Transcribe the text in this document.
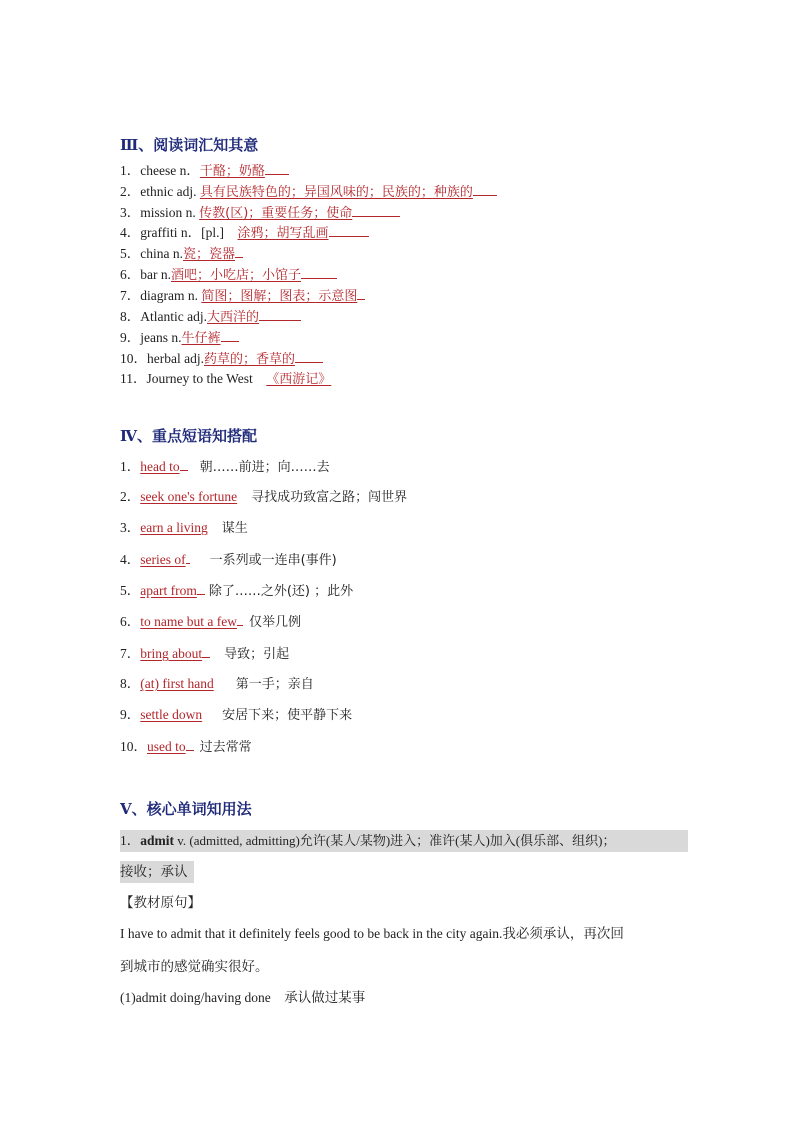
Ⅲ、阅读词汇知其意
1．cheese n．干酪；奶酪
2．ethnic adj. 具有民族特色的；异国风味的；民族的；种族的
3．mission n. 传教(区)；重要任务；使命
4．graffiti n．[pl.]　涂鸦；胡写乱画
5．china n.瓷；瓷器
6．bar n.酒吧；小吃店；小馆子
7．diagram n. 简图；图解；图表；示意图
8．Atlantic adj.大西洋的
9．jeans n.牛仔裤
10．herbal adj.药草的；香草的
11．Journey to the West　《西游记》
Ⅳ、重点短语知搭配
1．head to 朝……前进；向……去
2．seek one's fortune 寻找成功致富之路；闯世界
3．earn a living 谋生
4．series of 一系列或一连串(事件)
5．apart from 除了……之外(还) ；此外
6．to name but a few 仅举几例
7．bring about 导致；引起
8．(at) first hand 第一手；亲自
9．settle down 安居下来；使平静下来
10．used to 过去常常
Ⅴ、核心单词知用法
1．admit v. (admitted, admitting)允许(某人/某物)进入；准许(某人)加入(俱乐部、组织)；
接收；承认
【教材原句】
I have to admit that it definitely feels good to be back in the city again.我必须承认，再次回
到城市的感觉确实很好。
(1)admit doing/having done　承认做过某事
